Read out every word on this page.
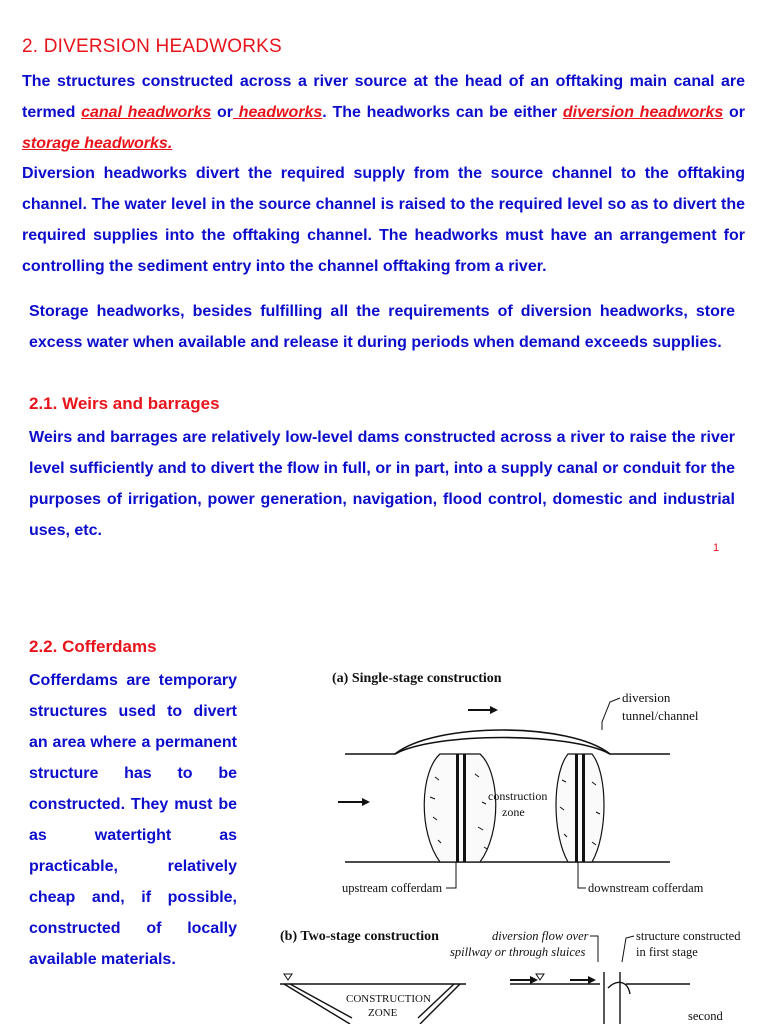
2. DIVERSION HEADWORKS

The structures constructed across a river source at the head of an offtaking main canal are termed canal headworks or headworks. The headworks can be either diversion headworks or storage headworks.

Diversion headworks divert the required supply from the source channel to the offtaking channel. The water level in the source channel is raised to the required level so as to divert the required supplies into the offtaking channel. The headworks must have an arrangement for controlling the sediment entry into the channel offtaking from a river.

Storage headworks, besides fulfilling all the requirements of diversion headworks, store excess water when available and release it during periods when demand exceeds supplies.

2.1. Weirs and barrages

Weirs and barrages are relatively low-level dams constructed across a river to raise the river level sufficiently and to divert the flow in full, or in part, into a supply canal or conduit for the purposes of irrigation, power generation, navigation, flood control, domestic and industrial uses, etc.

1
2.2. Cofferdams

Cofferdams are temporary structures used to divert an area where a permanent structure has to be constructed. They must be as watertight as practicable, relatively cheap and, if possible, constructed of locally available materials.

(a) Single-stage construction
diversion
tunnel/channel
construction
zone
upstream cofferdam	downstream cofferdam
(b) Two-stage construction	diversion flow over
spillway or through sluices
structure constructed
in first stage
CONSTRUCTION
ZONE	second
